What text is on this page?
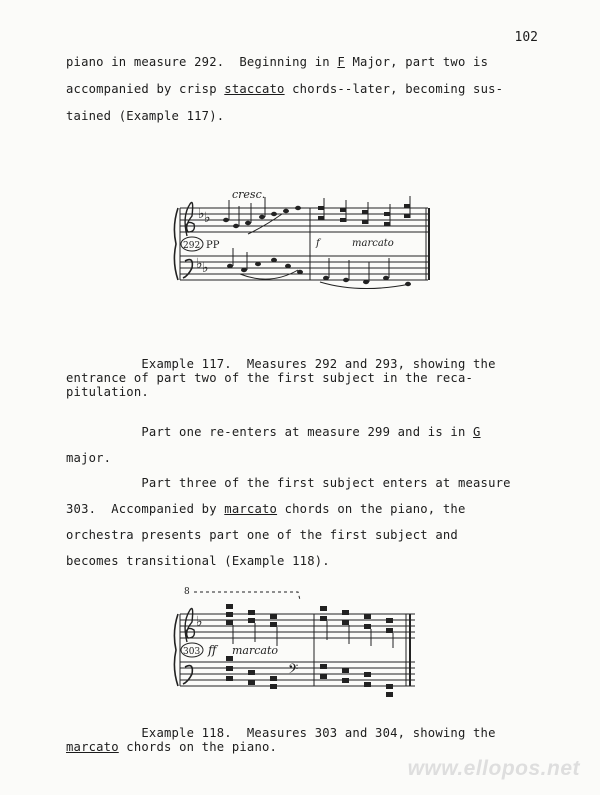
102
piano in measure 292.  Beginning in F Major, part two is
accompanied by crisp staccato chords--later, becoming sus-
tained (Example 117).
♭ ♭
♭ ♭
cresc.
292 PP	f	marcato
Example 117.  Measures 292 and 293, showing the
entrance of part two of the first subject in the reca-
pitulation.
Part one re-enters at measure 299 and is in G
major.
Part three of the first subject enters at measure
303.  Accompanied by marcato chords on the piano, the
orchestra presents part one of the first subject and
becomes transitional (Example 118).
♭
𝄢
8
303 ff marcato
Example 118.  Measures 303 and 304, showing the
marcato chords on the piano.
www.ellopos.net
